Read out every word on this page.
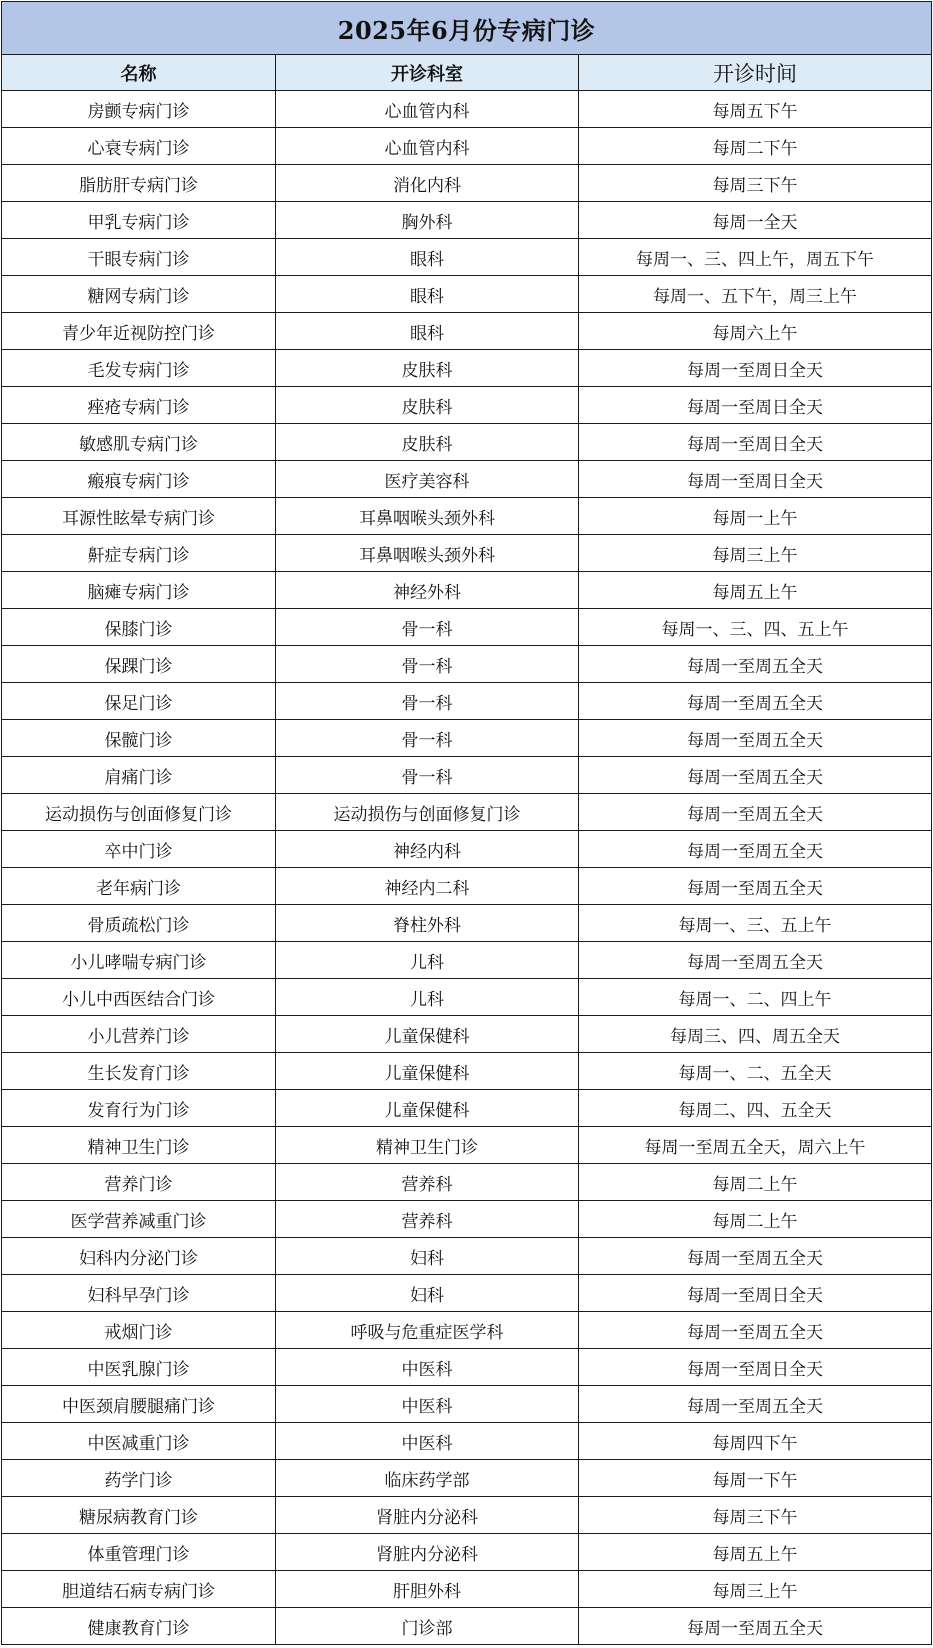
2025年6月份专病门诊		
名称	开诊科室	开诊时间
房颤专病门诊	心血管内科	每周五下午
心衰专病门诊	心血管内科	每周二下午
脂肪肝专病门诊	消化内科	每周三下午
甲乳专病门诊	胸外科	每周一全天
干眼专病门诊	眼科	每周一、三、四上午，周五下午
糖网专病门诊	眼科	每周一、五下午，周三上午
青少年近视防控门诊	眼科	每周六上午
毛发专病门诊	皮肤科	每周一至周日全天
痤疮专病门诊	皮肤科	每周一至周日全天
敏感肌专病门诊	皮肤科	每周一至周日全天
瘢痕专病门诊	医疗美容科	每周一至周日全天
耳源性眩晕专病门诊	耳鼻咽喉头颈外科	每周一上午
鼾症专病门诊	耳鼻咽喉头颈外科	每周三上午
脑瘫专病门诊	神经外科	每周五上午
保膝门诊	骨一科	每周一、三、四、五上午
保踝门诊	骨一科	每周一至周五全天
保足门诊	骨一科	每周一至周五全天
保髋门诊	骨一科	每周一至周五全天
肩痛门诊	骨一科	每周一至周五全天
运动损伤与创面修复门诊	运动损伤与创面修复门诊	每周一至周五全天
卒中门诊	神经内科	每周一至周五全天
老年病门诊	神经内二科	每周一至周五全天
骨质疏松门诊	脊柱外科	每周一、三、五上午
小儿哮喘专病门诊	儿科	每周一至周五全天
小儿中西医结合门诊	儿科	每周一、二、四上午
小儿营养门诊	儿童保健科	每周三、四、周五全天
生长发育门诊	儿童保健科	每周一、二、五全天
发育行为门诊	儿童保健科	每周二、四、五全天
精神卫生门诊	精神卫生门诊	每周一至周五全天，周六上午
营养门诊	营养科	每周二上午
医学营养减重门诊	营养科	每周二上午
妇科内分泌门诊	妇科	每周一至周五全天
妇科早孕门诊	妇科	每周一至周日全天
戒烟门诊	呼吸与危重症医学科	每周一至周五全天
中医乳腺门诊	中医科	每周一至周日全天
中医颈肩腰腿痛门诊	中医科	每周一至周五全天
中医减重门诊	中医科	每周四下午
药学门诊	临床药学部	每周一下午
糖尿病教育门诊	肾脏内分泌科	每周三下午
体重管理门诊	肾脏内分泌科	每周五上午
胆道结石病专病门诊	肝胆外科	每周三上午
健康教育门诊	门诊部	每周一至周五全天
